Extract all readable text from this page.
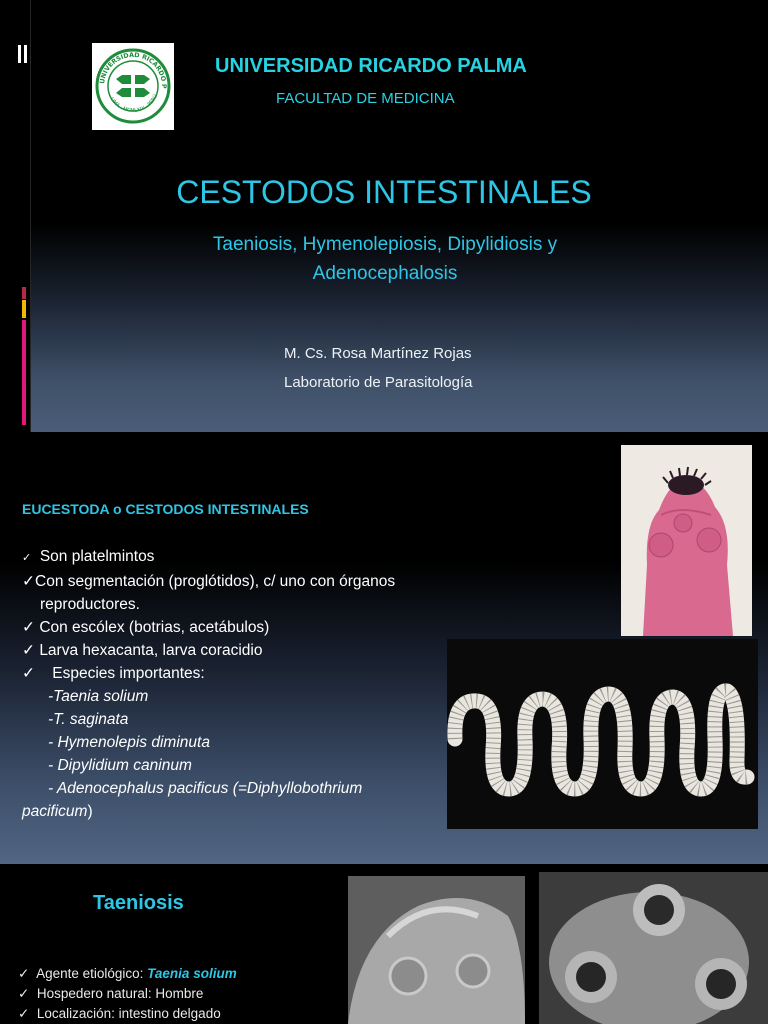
UNIVERSIDAD RICARDO P
LIMA · MCMLXIX · PERÚ
UNIVERSIDAD RICARDO PALMA
FACULTAD DE MEDICINA
CESTODOS INTESTINALES
Taeniosis, Hymenolepiosis, Dipylidiosis y Adenocephalosis
M. Cs. Rosa Martínez Rojas
Laboratorio de Parasitología
EUCESTODA o CESTODOS INTESTINALES
✓ Son platelmintos
✓Con segmentación (proglótidos), c/ uno con órganos
reproductores.
✓ Con escólex (botrias, acetábulos)
✓ Larva hexacanta, larva coracidio
✓ Especies importantes:
-Taenia solium
-T. saginata
- Hymenolepis diminuta
- Dipylidium caninum
- Adenocephalus pacificus (=Diphyllobothrium
pacificum)
Taeniosis
✓ Agente etiológico: Taenia solium
✓ Hospedero natural: Hombre
✓ Localización: intestino delgado
